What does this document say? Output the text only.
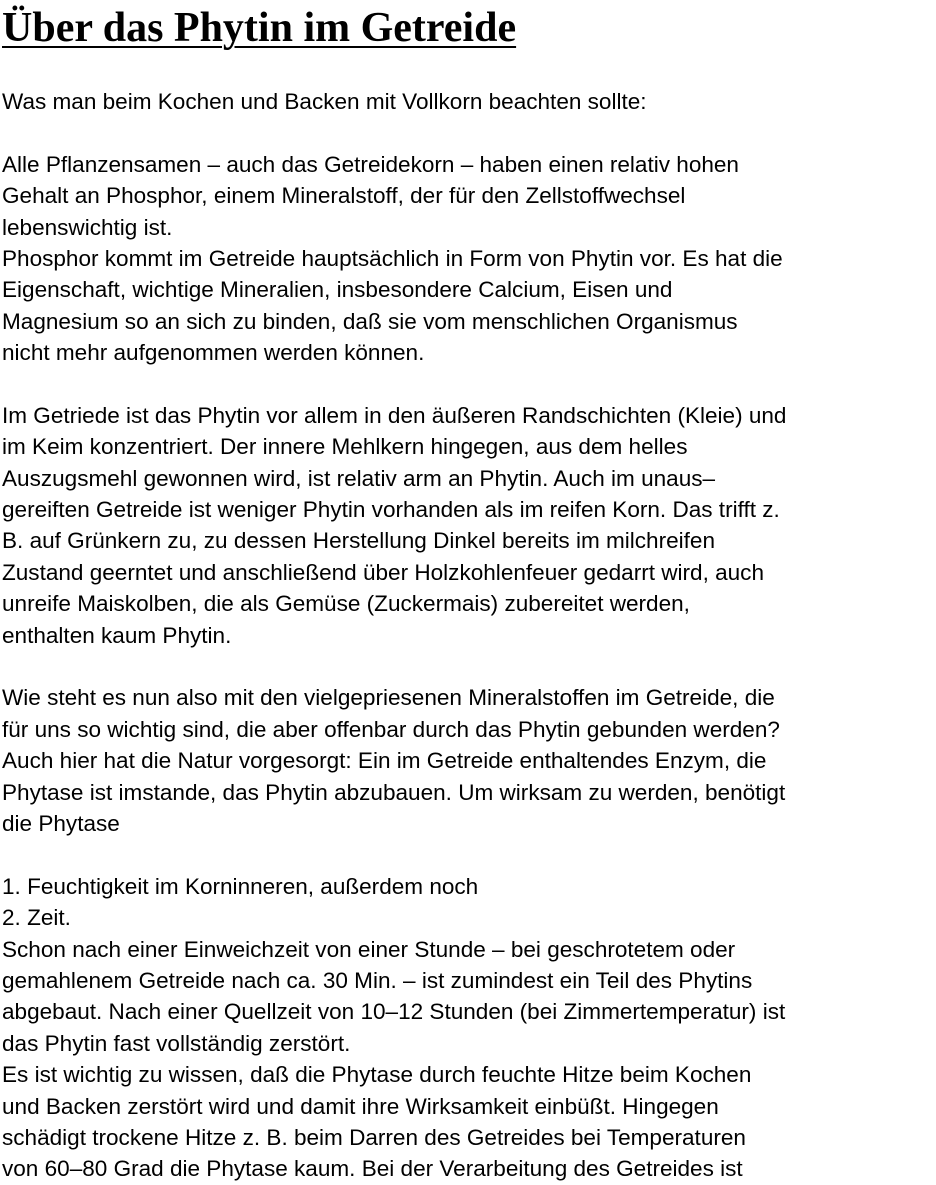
Über das Phytin im Getreide
Was man beim Kochen und Backen mit Vollkorn beachten sollte:
Alle Pflanzensamen – auch das Getreidekorn – haben einen relativ hohen
Gehalt an Phosphor, einem Mineralstoff, der für den Zellstoffwechsel
lebenswichtig ist.
Phosphor kommt im Getreide hauptsächlich in Form von Phytin vor. Es hat die
Eigenschaft, wichtige Mineralien, insbesondere Calcium, Eisen und
Magnesium so an sich zu binden, daß sie vom menschlichen Organismus
nicht mehr aufgenommen werden können.
Im Getriede ist das Phytin vor allem in den äußeren Randschichten (Kleie) und
im Keim konzentriert. Der innere Mehlkern hingegen, aus dem helles
Auszugsmehl gewonnen wird, ist relativ arm an Phytin. Auch im unaus–
gereiften Getreide ist weniger Phytin vorhanden als im reifen Korn. Das trifft z.
B. auf Grünkern zu, zu dessen Herstellung Dinkel bereits im milchreifen
Zustand geerntet und anschließend über Holzkohlenfeuer gedarrt wird, auch
unreife Maiskolben, die als Gemüse (Zuckermais) zubereitet werden,
enthalten kaum Phytin.
Wie steht es nun also mit den vielgepriesenen Mineralstoffen im Getreide, die
für uns so wichtig sind, die aber offenbar durch das Phytin gebunden werden?
Auch hier hat die Natur vorgesorgt: Ein im Getreide enthaltendes Enzym, die
Phytase ist imstande, das Phytin abzubauen. Um wirksam zu werden, benötigt
die Phytase
1. Feuchtigkeit im Korninneren, außerdem noch
2. Zeit.
Schon nach einer Einweichzeit von einer Stunde – bei geschrotetem oder
gemahlenem Getreide nach ca. 30 Min. – ist zumindest ein Teil des Phytins
abgebaut. Nach einer Quellzeit von 10–12 Stunden (bei Zimmertemperatur) ist
das Phytin fast vollständig zerstört.
Es ist wichtig zu wissen, daß die Phytase durch feuchte Hitze beim Kochen
und Backen zerstört wird und damit ihre Wirksamkeit einbüßt. Hingegen
schädigt trockene Hitze z. B. beim Darren des Getreides bei Temperaturen
von 60–80 Grad die Phytase kaum. Bei der Verarbeitung des Getreides ist
